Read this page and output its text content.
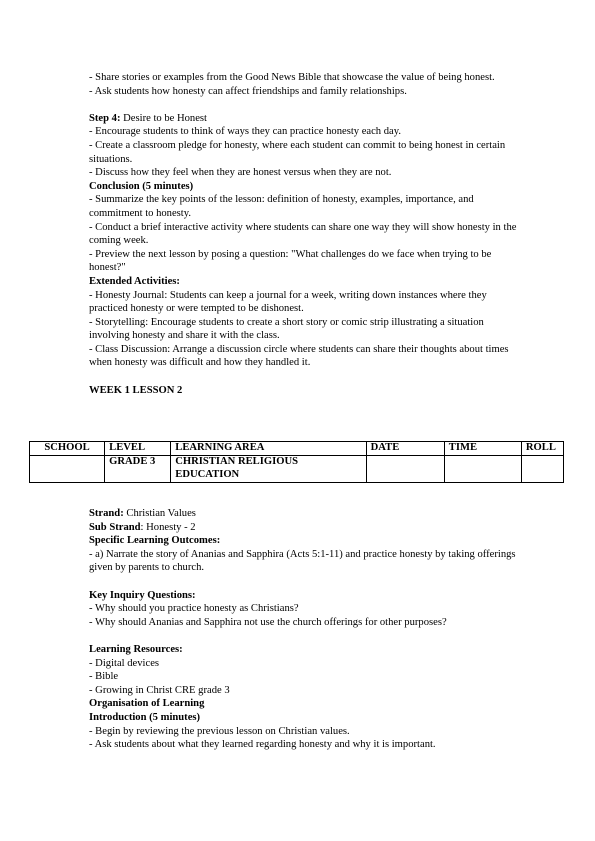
- Share stories or examples from the Good News Bible that showcase the value of being honest.

- Ask students how honesty can affect friendships and family relationships.

Step 4: Desire to be Honest

- Encourage students to think of ways they can practice honesty each day.

- Create a classroom pledge for honesty, where each student can commit to being honest in certain situations.

- Discuss how they feel when they are honest versus when they are not.

Conclusion (5 minutes)

- Summarize the key points of the lesson: definition of honesty, examples, importance, and commitment to honesty.

- Conduct a brief interactive activity where students can share one way they will show honesty in the coming week.

- Preview the next lesson by posing a question: "What challenges do we face when trying to be honest?"

Extended Activities:

- Honesty Journal: Students can keep a journal for a week, writing down instances where they practiced honesty or were tempted to be dishonest.

- Storytelling: Encourage students to create a short story or comic strip illustrating a situation involving honesty and share it with the class.

- Class Discussion: Arrange a discussion circle where students can share their thoughts about times when honesty was difficult and how they handled it.

WEEK 1 LESSON 2

SCHOOL	LEVEL	LEARNING AREA	DATE	TIME	ROLL
	GRADE 3	CHRISTIAN RELIGIOUS EDUCATION			

Strand: Christian Values

Sub Strand: Honesty - 2

Specific Learning Outcomes:

- a) Narrate the story of Ananias and Sapphira (Acts 5:1-11) and practice honesty by taking offerings given by parents to church.

Key Inquiry Questions:

- Why should you practice honesty as Christians?

- Why should Ananias and Sapphira not use the church offerings for other purposes?

Learning Resources:

- Digital devices

- Bible

- Growing in Christ CRE grade 3

Organisation of Learning

Introduction (5 minutes)

- Begin by reviewing the previous lesson on Christian values.

- Ask students about what they learned regarding honesty and why it is important.
